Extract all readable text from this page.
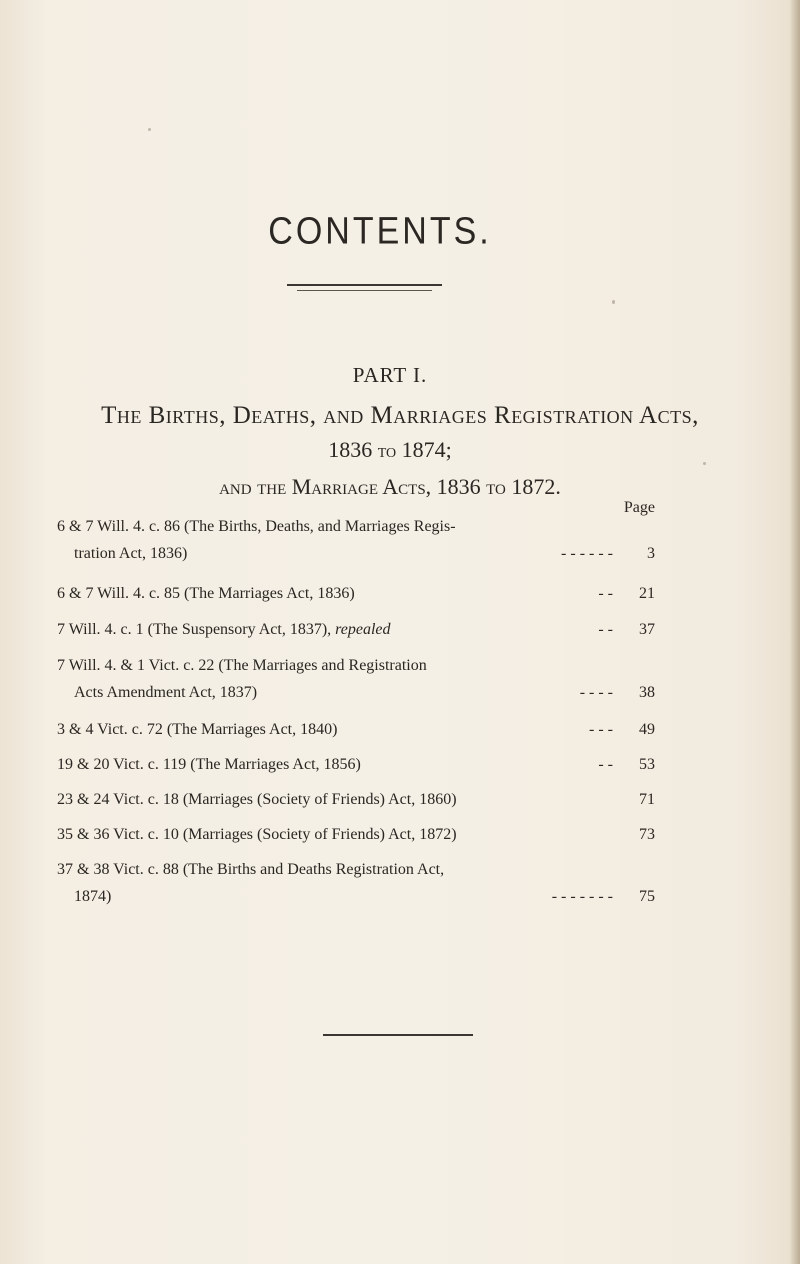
CONTENTS.
PART I.
The Births, Deaths, and Marriages Registration Acts,
1836 to 1874;
and the Marriage Acts, 1836 to 1872.
Page
6 & 7 Will. 4. c. 86 (The Births, Deaths, and Marriages Regis-
tration Act, 1836)	- - - - - -	3
6 & 7 Will. 4. c. 85 (The Marriages Act, 1836)	- -	21
7 Will. 4. c. 1 (The Suspensory Act, 1837), repealed	- -	37
7 Will. 4. & 1 Vict. c. 22 (The Marriages and Registration
Acts Amendment Act, 1837)	- - - -	38
3 & 4 Vict. c. 72 (The Marriages Act, 1840)	- - -	49
19 & 20 Vict. c. 119 (The Marriages Act, 1856)	- -	53
23 & 24 Vict. c. 18 (Marriages (Society of Friends) Act, 1860)	71
35 & 36 Vict. c. 10 (Marriages (Society of Friends) Act, 1872)	73
37 & 38 Vict. c. 88 (The Births and Deaths Registration Act,
1874)	- - - - - - -	75
